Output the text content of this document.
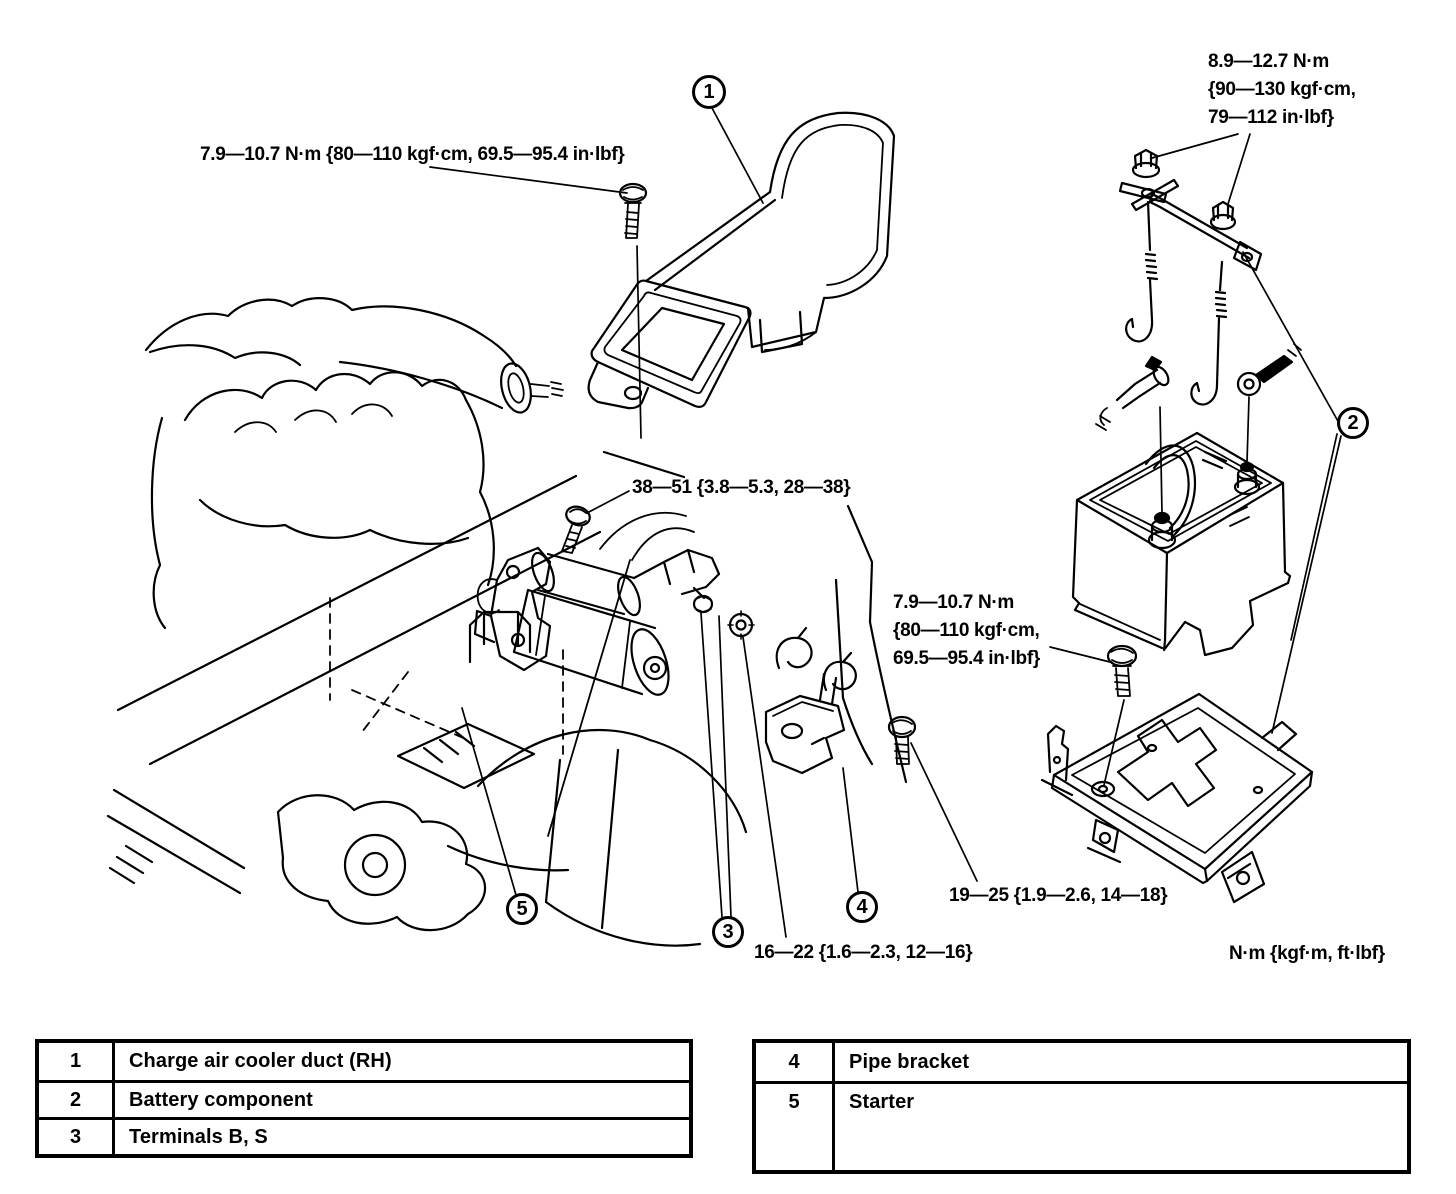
7.9—10.7 N·m {80—110 kgf·cm, 69.5—95.4 in·lbf}
8.9—12.7 N·m
{90—130 kgf·cm,
79—112 in·lbf}
38—51 {3.8—5.3, 28—38}
7.9—10.7 N·m
{80—110 kgf·cm,
69.5—95.4 in·lbf}
19—25 {1.9—2.6, 14—18}
16—22 {1.6—2.3, 12—16}	N·m {kgf·m, ft·lbf}
1
2
3
4
5
1	Charge air cooler duct (RH)
2	Battery component
3	Terminals B, S
4	Pipe bracket
5	Starter
